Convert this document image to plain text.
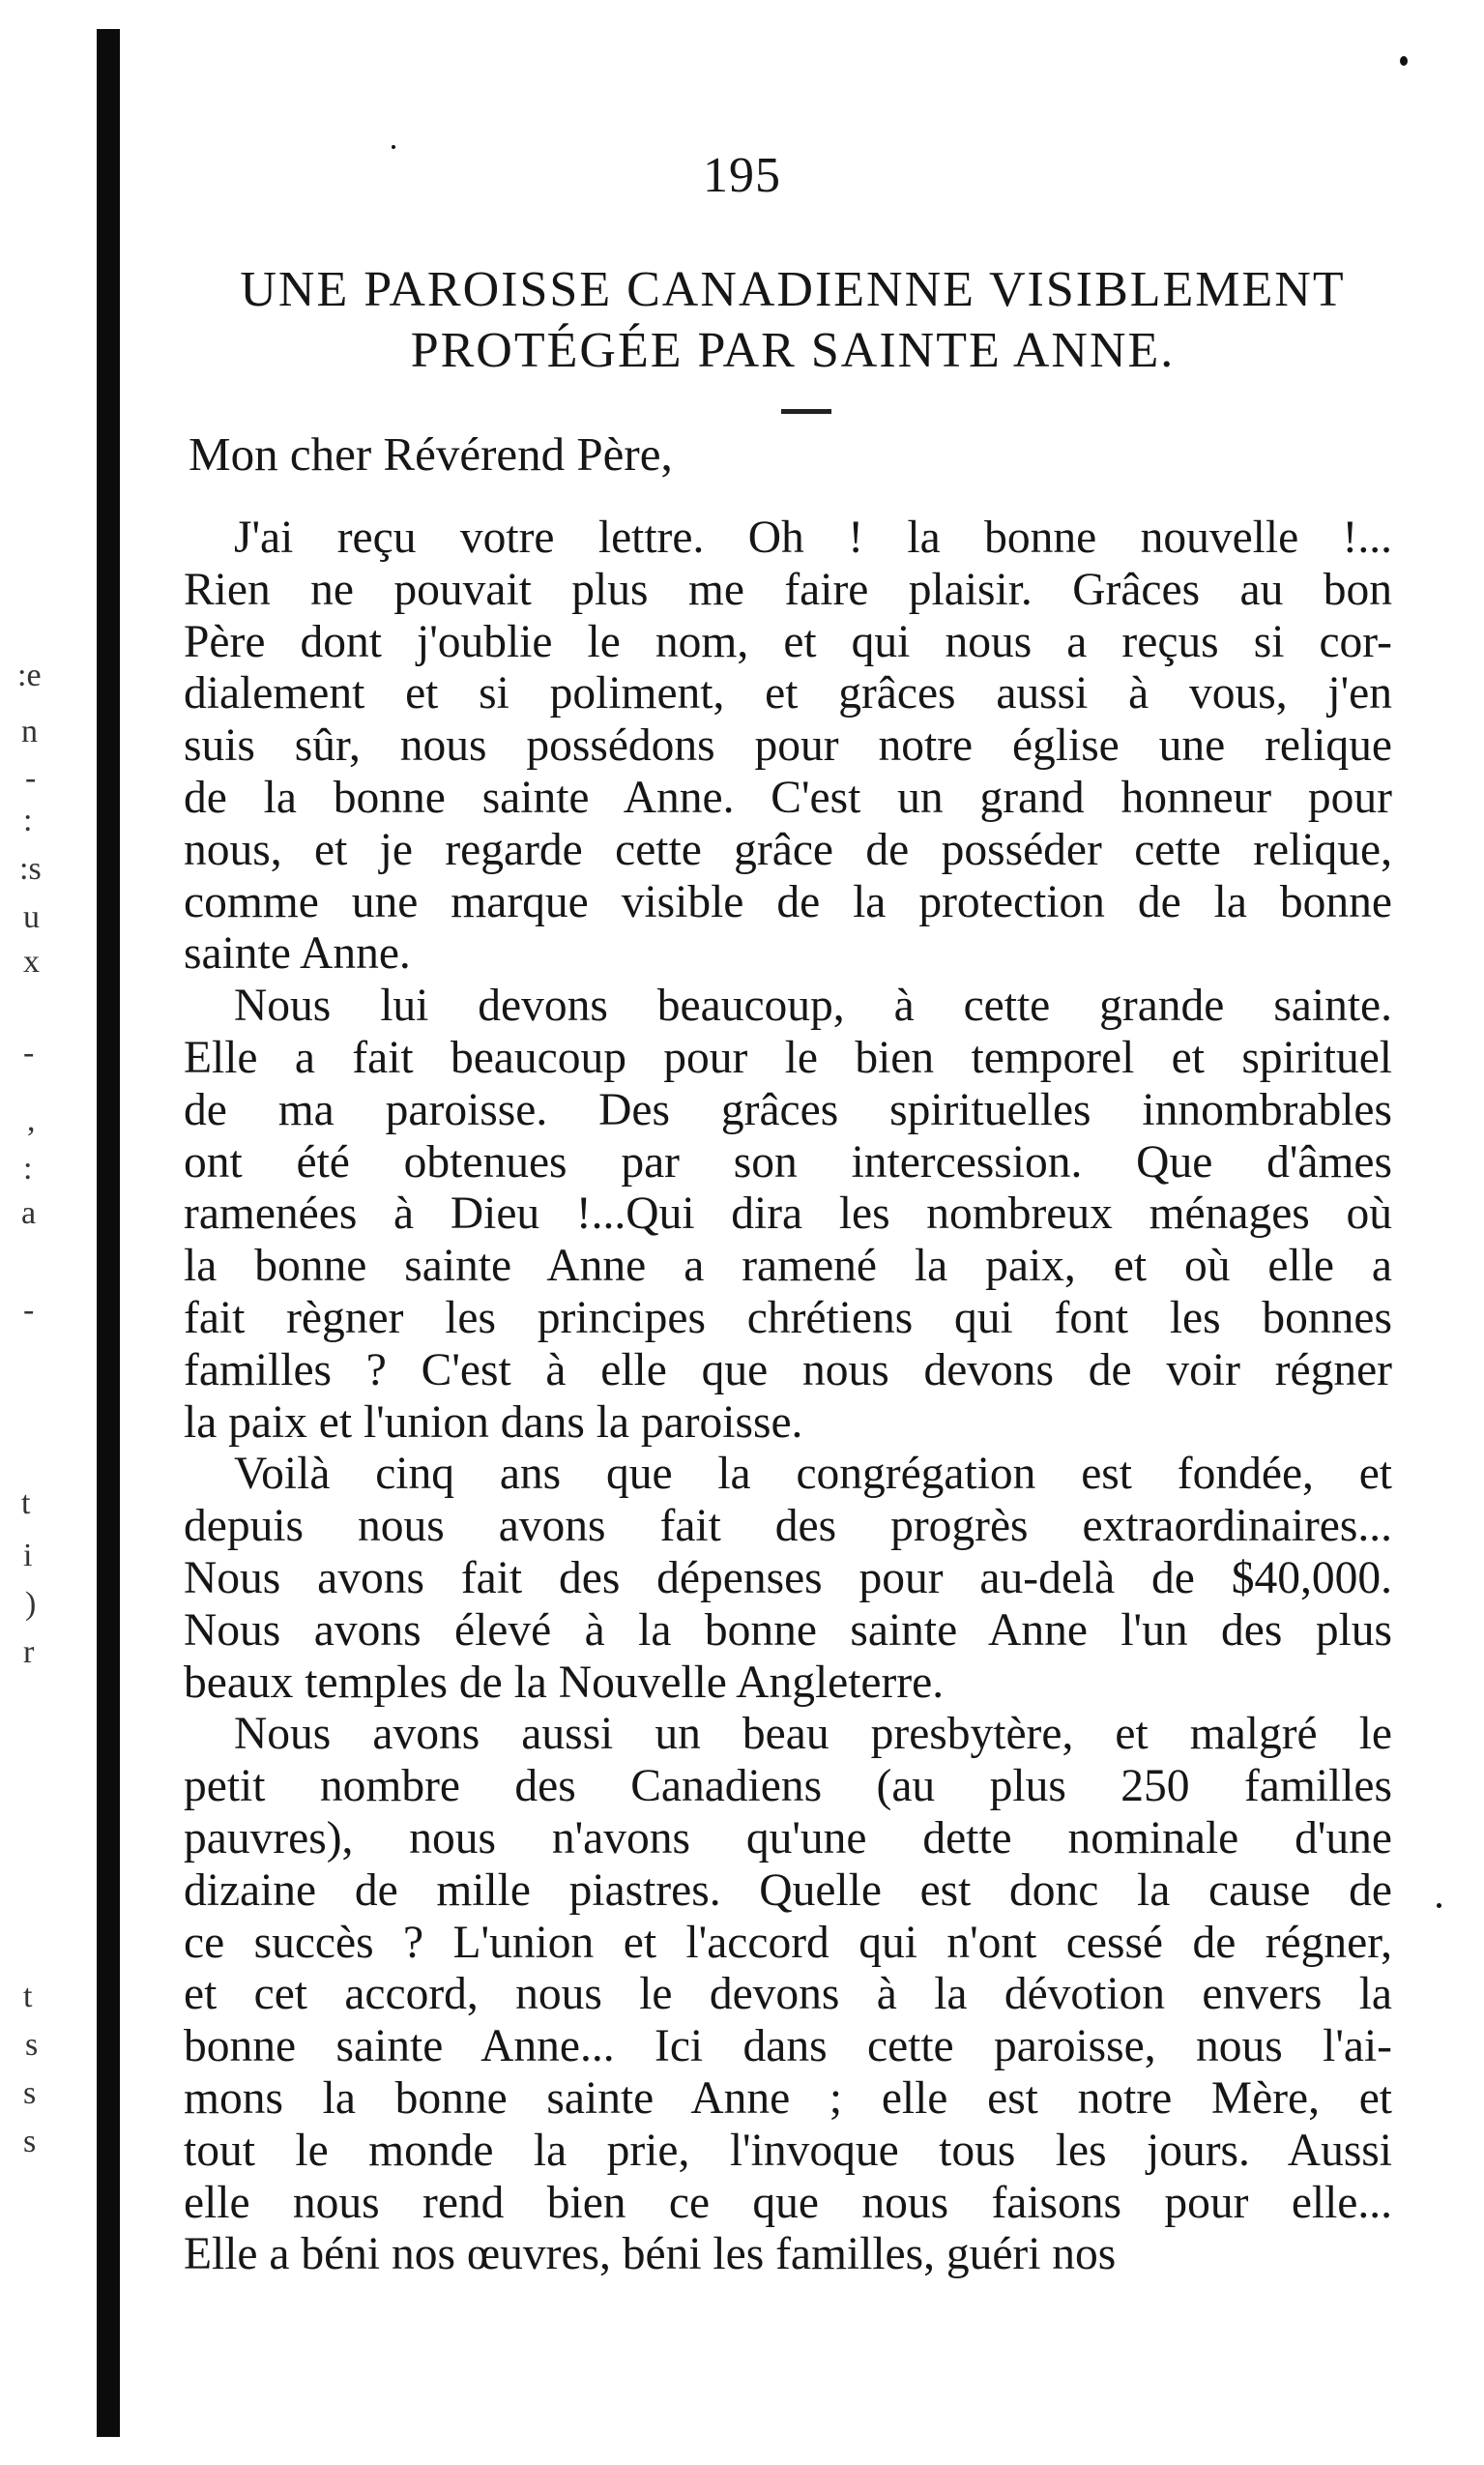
:e
n
-
:
:s
u
x
-
,
:
a
-
t
i
)
r
t
s
s
s
195
UNE PAROISSE CANADIENNE VISIBLEMENT
PROTÉGÉE PAR SAINTE ANNE.
Mon cher Révérend Père,
J'ai reçu votre lettre. Oh ! la bonne nouvelle !...
Rien ne pouvait plus me faire plaisir. Grâces au bon
Père dont j'oublie le nom, et qui nous a reçus si cor-
dialement et si poliment, et grâces aussi à vous, j'en
suis sûr, nous possédons pour notre église une relique
de la bonne sainte Anne. C'est un grand honneur pour
nous, et je regarde cette grâce de posséder cette relique,
comme une marque visible de la protection de la bonne
sainte Anne.
Nous lui devons beaucoup, à cette grande sainte.
Elle a fait beaucoup pour le bien temporel et spirituel
de ma paroisse. Des grâces spirituelles innombrables
ont été obtenues par son intercession. Que d'âmes
ramenées à Dieu !...Qui dira les nombreux ménages où
la bonne sainte Anne a ramené la paix, et où elle a
fait règner les principes chrétiens qui font les bonnes
familles ? C'est à elle que nous devons de voir régner
la paix et l'union dans la paroisse.
Voilà cinq ans que la congrégation est fondée, et
depuis nous avons fait des progrès extraordinaires...
Nous avons fait des dépenses pour au-delà de $40,000.
Nous avons élevé à la bonne sainte Anne l'un des plus
beaux temples de la Nouvelle Angleterre.
Nous avons aussi un beau presbytère, et malgré le
petit nombre des Canadiens (au plus 250 familles
pauvres), nous n'avons qu'une dette nominale d'une
dizaine de mille piastres. Quelle est donc la cause de
ce succès ? L'union et l'accord qui n'ont cessé de régner,
et cet accord, nous le devons à la dévotion envers la
bonne sainte Anne... Ici dans cette paroisse, nous l'ai-
mons la bonne sainte Anne ; elle est notre Mère, et
tout le monde la prie, l'invoque tous les jours. Aussi
elle nous rend bien ce que nous faisons pour elle...
Elle a béni nos œuvres, béni les familles, guéri nos
